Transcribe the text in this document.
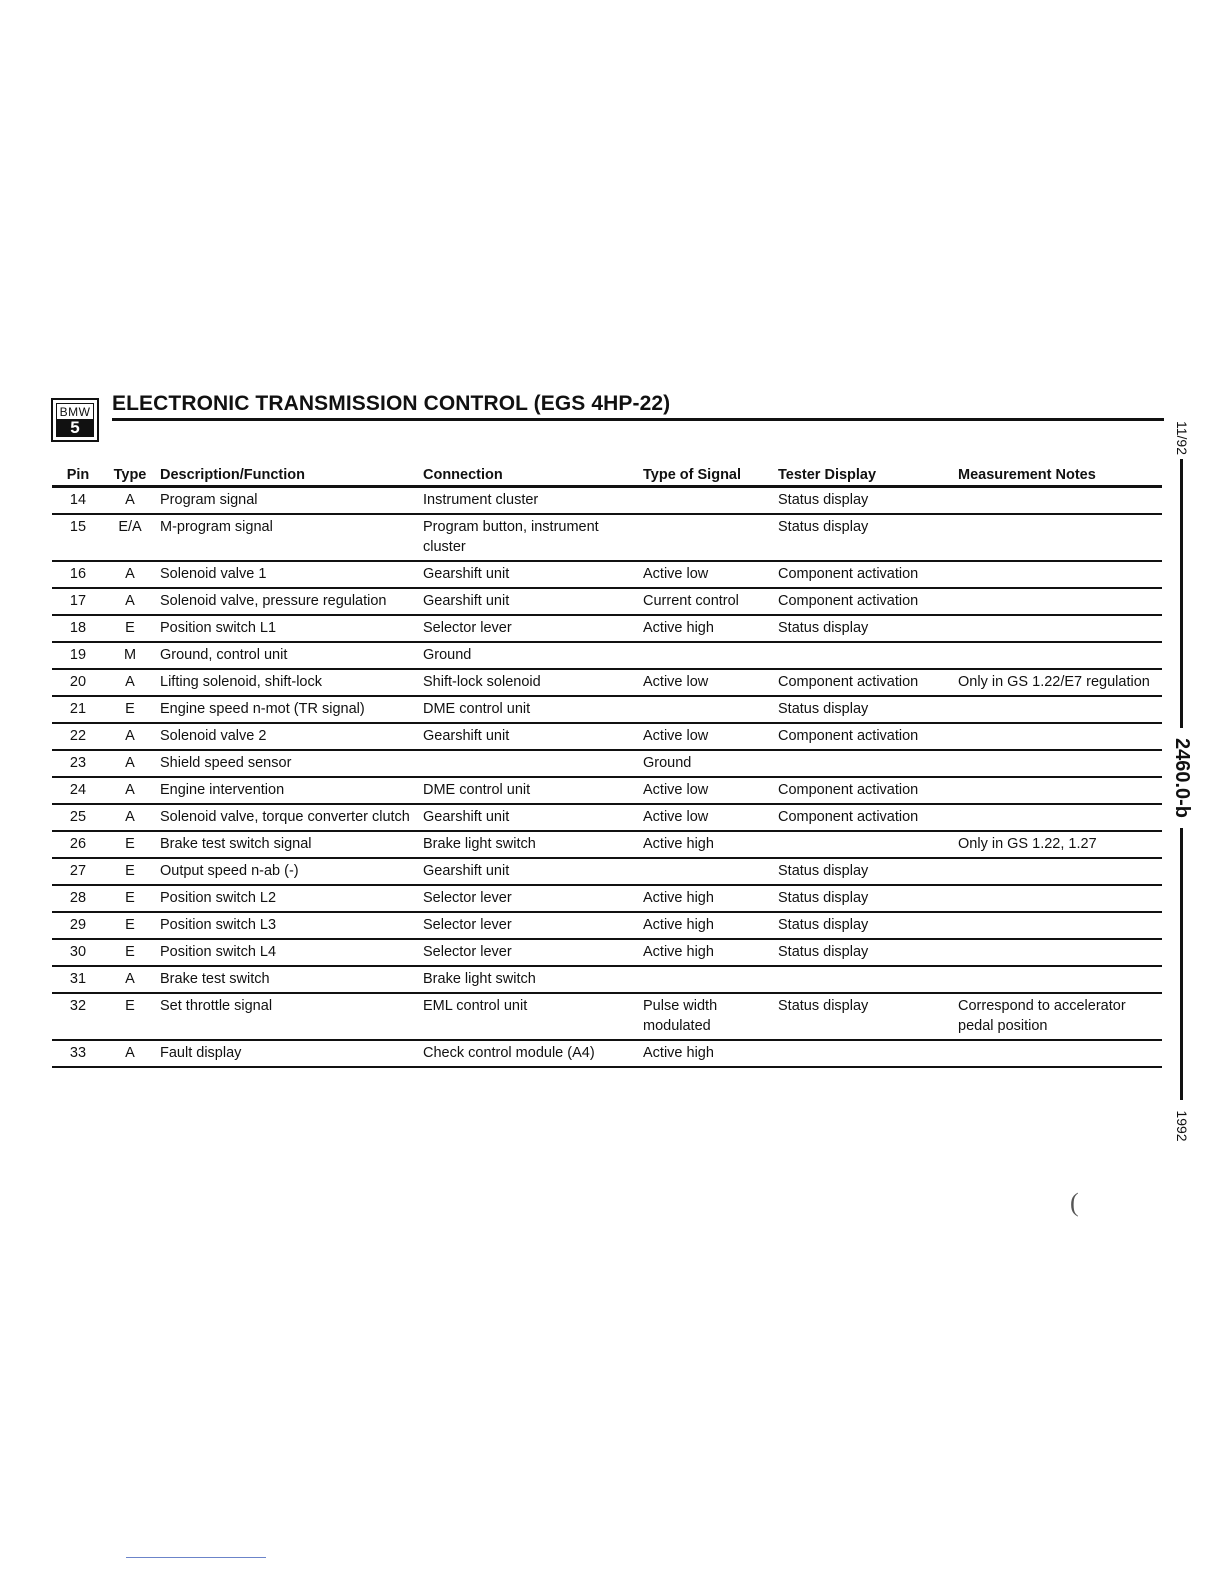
BMW
5
ELECTRONIC TRANSMISSION CONTROL (EGS 4HP-22)
11/92
2460.0-b
1992
Pin	Type	Description/Function	Connection	Type of Signal	Tester Display	Measurement Notes
14	A	Program signal	Instrument cluster		Status display	
15	E/A	M-program signal	Program button, instrument cluster		Status display	
16	A	Solenoid valve 1	Gearshift unit	Active low	Component activation	
17	A	Solenoid valve, pressure regulation	Gearshift unit	Current control	Component activation	
18	E	Position switch L1	Selector lever	Active high	Status display	
19	M	Ground, control unit	Ground			
20	A	Lifting solenoid, shift-lock	Shift-lock solenoid	Active low	Component activation	Only in GS 1.22/E7 regulation
21	E	Engine speed n-mot (TR signal)	DME control unit		Status display	
22	A	Solenoid valve 2	Gearshift unit	Active low	Component activation	
23	A	Shield speed sensor		Ground		
24	A	Engine intervention	DME control unit	Active low	Component activation	
25	A	Solenoid valve, torque converter clutch	Gearshift unit	Active low	Component activation	
26	E	Brake test switch signal	Brake light switch	Active high		Only in GS 1.22, 1.27
27	E	Output speed n-ab (-)	Gearshift unit		Status display	
28	E	Position switch L2	Selector lever	Active high	Status display	
29	E	Position switch L3	Selector lever	Active high	Status display	
30	E	Position switch L4	Selector lever	Active high	Status display	
31	A	Brake test switch	Brake light switch			
32	E	Set throttle signal	EML control unit	Pulse width modulated	Status display	Correspond to accelerator pedal position
33	A	Fault display	Check control module (A4)	Active high		
(
